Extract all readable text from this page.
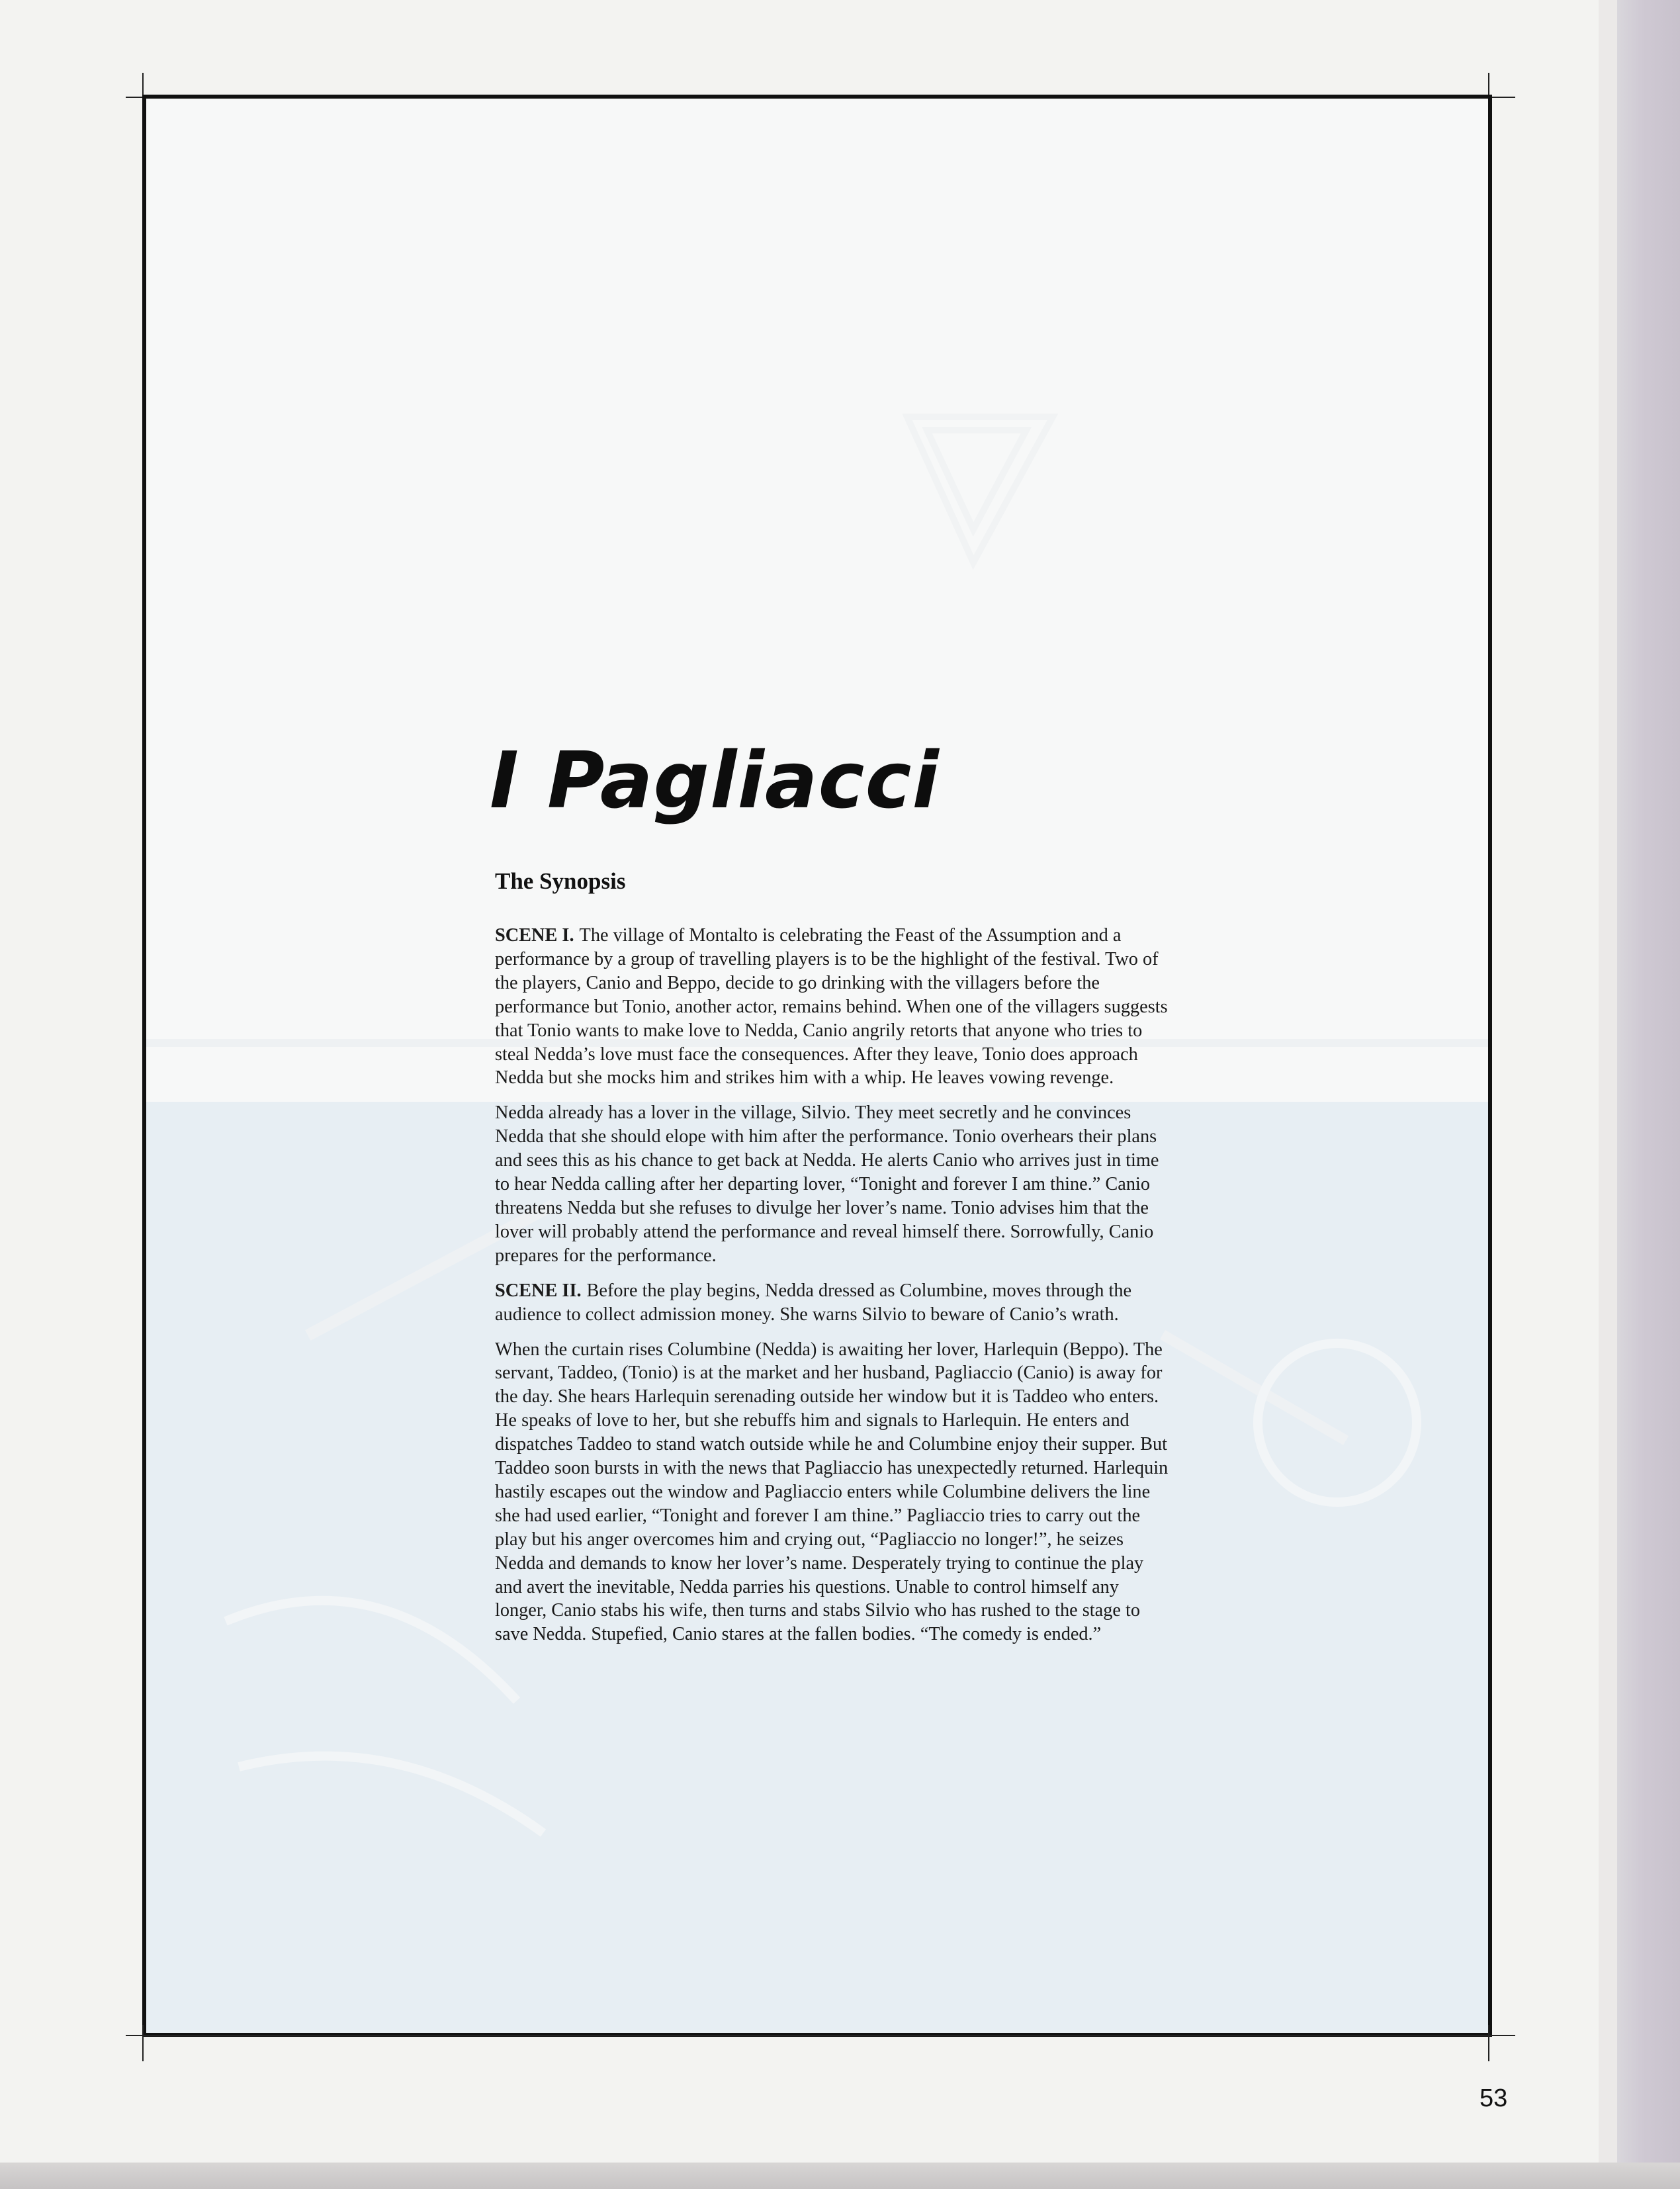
I Pagliacci
The Synopsis

SCENE I. The village of Montalto is celebrating the Feast of the Assumption and a performance by a group of travelling players is to be the highlight of the festival. Two of the players, Canio and Beppo, decide to go drinking with the villagers before the performance but Tonio, another actor, remains behind. When one of the villagers suggests that Tonio wants to make love to Nedda, Canio angrily retorts that anyone who tries to steal Nedda’s love must face the consequences. After they leave, Tonio does approach Nedda but she mocks him and strikes him with a whip. He leaves vowing revenge.

Nedda already has a lover in the village, Silvio. They meet secretly and he convinces Nedda that she should elope with him after the performance. Tonio overhears their plans and sees this as his chance to get back at Nedda. He alerts Canio who arrives just in time to hear Nedda calling after her departing lover, “Tonight and forever I am thine.” Canio threatens Nedda but she refuses to divulge her lover’s name. Tonio advises him that the lover will probably attend the performance and reveal himself there. Sorrowfully, Canio prepares for the performance.

SCENE II. Before the play begins, Nedda dressed as Columbine, moves through the audience to collect admission money. She warns Silvio to beware of Canio’s wrath.

When the curtain rises Columbine (Nedda) is awaiting her lover, Harlequin (Beppo). The servant, Taddeo, (Tonio) is at the market and her husband, Pagliaccio (Canio) is away for the day. She hears Harlequin serenading outside her window but it is Taddeo who enters. He speaks of love to her, but she rebuffs him and signals to Harlequin. He enters and dispatches Taddeo to stand watch outside while he and Columbine enjoy their supper. But Taddeo soon bursts in with the news that Pagliaccio has unexpectedly returned. Harlequin hastily escapes out the window and Pagliaccio enters while Columbine delivers the line she had used earlier, “Tonight and forever I am thine.” Pagliaccio tries to carry out the play but his anger overcomes him and crying out, “Pagliaccio no longer!”, he seizes Nedda and demands to know her lover’s name. Desperately trying to continue the play and avert the inevitable, Nedda parries his questions. Unable to control himself any longer, Canio stabs his wife, then turns and stabs Silvio who has rushed to the stage to save Nedda. Stupefied, Canio stares at the fallen bodies. “The comedy is ended.”

53
